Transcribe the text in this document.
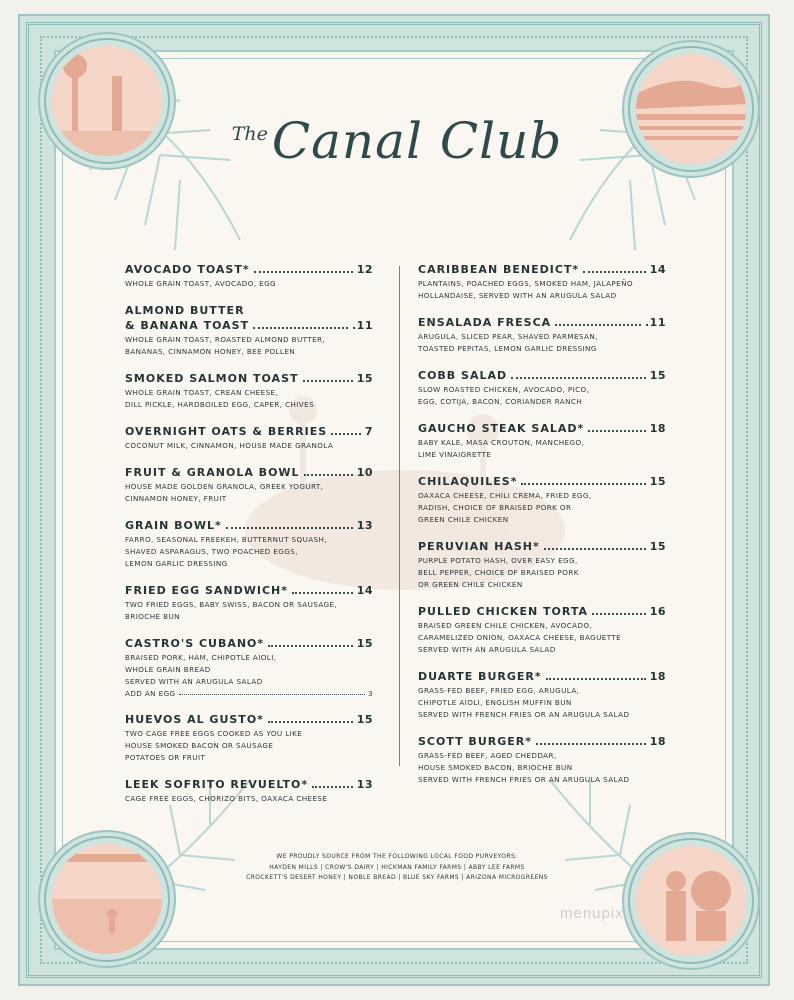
TheCanal Club
AVOCADO TOAST*	12
WHOLE GRAIN TOAST, AVOCADO, EGG
ALMOND BUTTER
& BANANA TOAST	.11
WHOLE GRAIN TOAST, ROASTED ALMOND BUTTER,
BANANAS, CINNAMON HONEY, BEE POLLEN
SMOKED SALMON TOAST	15
WHOLE GRAIN TOAST, CREAN CHEESE,
DILL PICKLE, HARDBOILED EGG, CAPER, CHIVES
OVERNIGHT OATS & BERRIES	7
COCONUT MILK, CINNAMON, HOUSE MADE GRANOLA
FRUIT & GRANOLA BOWL	10
HOUSE MADE GOLDEN GRANOLA, GREEK YOGURT,
CINNAMON HONEY, FRUIT
GRAIN BOWL*	13
FARRO, SEASONAL FREEKEH, BUTTERNUT SQUASH,
SHAVED ASPARAGUS, TWO POACHED EGGS,
LEMON GARLIC DRESSING
FRIED EGG SANDWICH*	14
TWO FRIED EGGS, BABY SWISS, BACON OR SAUSAGE,
BRIOCHE BUN
CASTRO'S CUBANO*	15
BRAISED PORK, HAM, CHIPOTLE AIOLI,
WHOLE GRAIN BREAD
SERVED WITH AN ARUGULA SALAD
ADD AN EGG	3
HUEVOS AL GUSTO*	15
TWO CAGE FREE EGGS COOKED AS YOU LIKE
HOUSE SMOKED BACON OR SAUSAGE
POTATOES OR FRUIT
LEEK SOFRITO REVUELTO*	13
CAGE FREE EGGS, CHORIZO BITS, OAXACA CHEESE
CARIBBEAN BENEDICT*	14
PLANTAINS, POACHED EGGS, SMOKED HAM, JALAPEÑO
HOLLANDAISE, SERVED WITH AN ARUGULA SALAD
ENSALADA FRESCA	.11
ARUGULA, SLICED PEAR, SHAVED PARMESAN,
TOASTED PEPITAS, LEMON GARLIC DRESSING
COBB SALAD	15
SLOW ROASTED CHICKEN, AVOCADO, PICO,
EGG, COTIJA, BACON, CORIANDER RANCH
GAUCHO STEAK SALAD*	18
BABY KALE, MASA CROUTON, MANCHEGO,
LIME VINAIGRETTE
CHILAQUILES*	15
OAXACA CHEESE, CHILI CREMA, FRIED EGG,
RADISH, CHOICE OF BRAISED PORK OR
GREEN CHILE CHICKEN
PERUVIAN HASH*	15
PURPLE POTATO HASH, OVER EASY EGG,
BELL PEPPER, CHOICE OF BRAISED PORK
OR GREEN CHILE CHICKEN
PULLED CHICKEN TORTA	16
BRAISED GREEN CHILE CHICKEN, AVOCADO,
CARAMELIZED ONION, OAXACA CHEESE, BAGUETTE
SERVED WITH AN ARUGULA SALAD
DUARTE BURGER*	18
GRASS-FED BEEF, FRIED EGG, ARUGULA,
CHIPOTLE AIOLI, ENGLISH MUFFIN BUN
SERVED WITH FRENCH FRIES OR AN ARUGULA SALAD
SCOTT BURGER*	18
GRASS-FED BEEF, AGED CHEDDAR,
HOUSE SMOKED BACON, BRIOCHE BUN
SERVED WITH FRENCH FRIES OR AN ARUGULA SALAD
WE PROUDLY SOURCE FROM THE FOLLOWING LOCAL FOOD PURVEYORS:
HAYDEN MILLS | CROW'S DAIRY | HICKMAN FAMILY FARMS | ABBY LEE FARMS
CROCKETT'S DESERT HONEY | NOBLE BREAD | BLUE SKY FARMS | ARIZONA MICROGREENS
menupix
